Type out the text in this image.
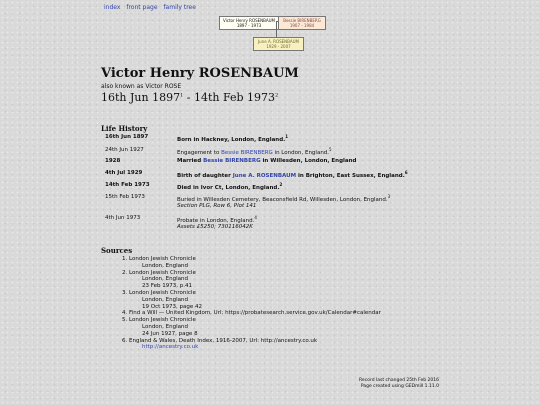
index front page family tree
Victor Henry ROSENBAUM
1897 - 1973
Bessie BIRENBERG
1907 - 1984
June A. ROSENBAUM
1929 - 2007
Victor Henry ROSENBAUM
also known as Victor ROSE
16th Jun 1897$^1$ - 14th Feb 1973$^2$
Life History
16th Jun 1897	Born in Hackney, London, England.$^1$
24th Jun 1927	Engagement to Bessie BIRENBERG in London, England.$^5$
1928	Married Bessie BIRENBERG in Willesden, London, England
4th Jul 1929	Birth of daughter June A. ROSENBAUM in Brighton, East Sussex, England.$^6$
14th Feb 1973	Died in Ivor Ct, London, England.$^2$
15th Feb 1973	Buried in Willesden Cemetery, Beaconsfield Rd, Willesden, London, England.$^3$
Section PLG, Row 6, Plot 141
4th Jun 1973	Probate in London, England.$^4$
Assets £5250; 730116042K
Sources
1. London Jewish Chronicle
London, England
2. London Jewish Chronicle
London, England
23 Feb 1973, p.41
3. London Jewish Chronicle
London, England
19 Oct 1973, page 42
4. Find a Will — United Kingdom, Url: https://probatesearch.service.gov.uk/Calendar#calendar
5. London Jewish Chronicle
London, England
24 Jun 1927, page 8
6. England & Wales, Death Index, 1916-2007, Url: http://ancestry.co.uk
http://ancestry.co.uk
Record last changed 25th Feb 2016
Page created using GEDmill 1.11.0
